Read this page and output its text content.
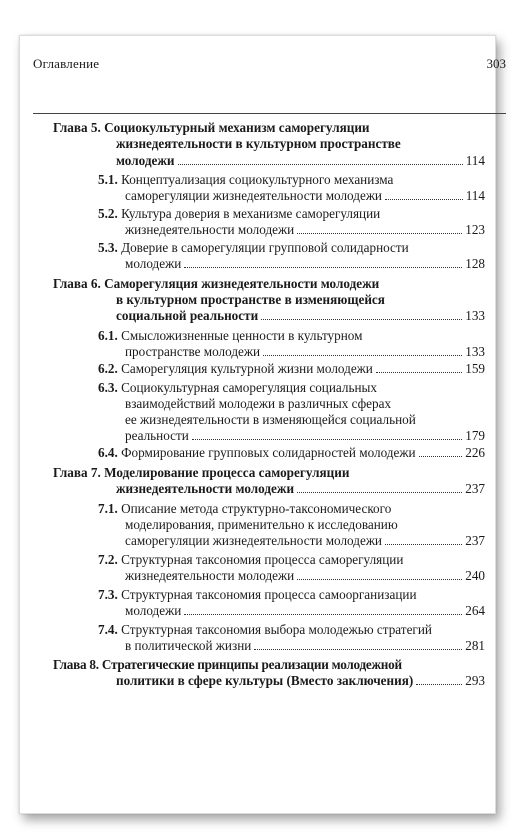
Оглавление	303
Глава 5. Социокультурный механизм саморегуляции
жизнедеятельности в культурном пространстве
молодежи	114
5.1. Концептуализация социокультурного механизма
саморегуляции жизнедеятельности молодежи	114
5.2. Культура доверия в механизме саморегуляции
жизнедеятельности молодежи	123
5.3. Доверие в саморегуляции групповой солидарности
молодежи	128
Глава 6. Саморегуляция жизнедеятельности молодежи
в культурном пространстве в изменяющейся
социальной реальности	133
6.1. Смысложизненные ценности в культурном
пространстве молодежи	133
6.2. Саморегуляция культурной жизни молодежи	159
6.3. Социокультурная саморегуляция социальных
взаимодействий молодежи в различных сферах
ее жизнедеятельности в изменяющейся социальной
реальности	179
6.4. Формирование групповых солидарностей молодежи	226
Глава 7. Моделирование процесса саморегуляции
жизнедеятельности молодежи	237
7.1. Описание метода структурно-таксономического
моделирования, применительно к исследованию
саморегуляции жизнедеятельности молодежи	237
7.2. Структурная таксономия процесса саморегуляции
жизнедеятельности молодежи	240
7.3. Структурная таксономия процесса самоорганизации
молодежи	264
7.4. Структурная таксономия выбора молодежью стратегий
в политической жизни	281
Глава 8. Стратегические принципы реализации молодежной
политики в сфере культуры (Вместо заключения)	293
